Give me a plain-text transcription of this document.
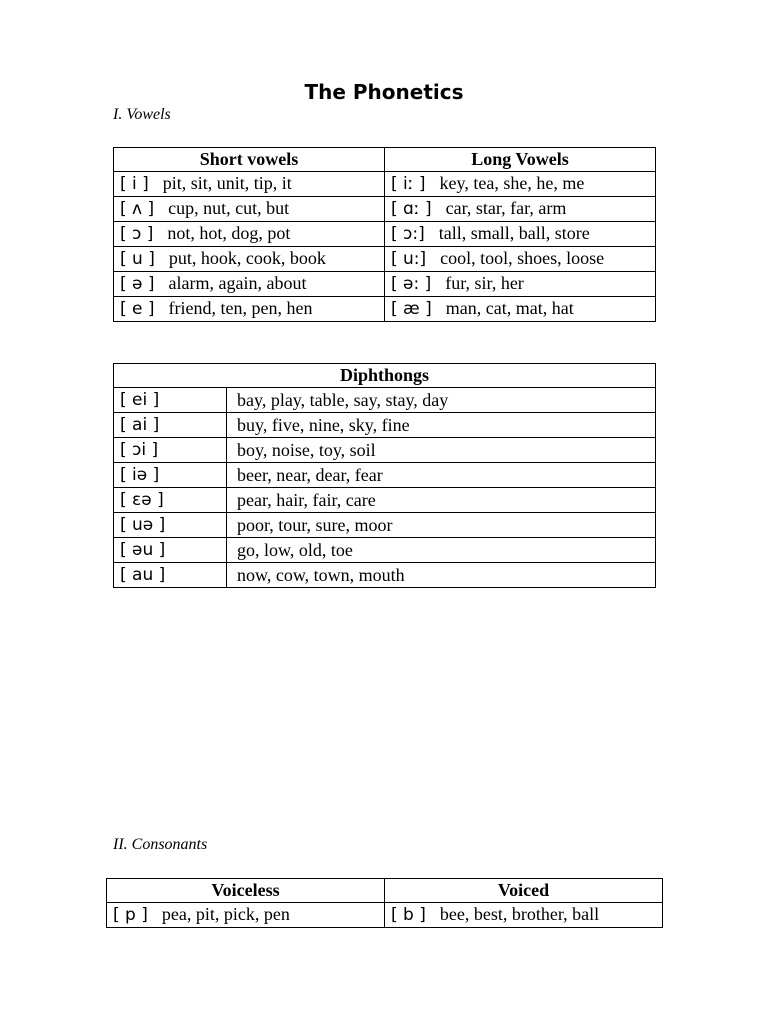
The Phonetics
I. Vowels
Short vowels	Long Vowels
[ i ] pit, sit, unit, tip, it	[ iː ] key, tea, she, he, me
[ ʌ ] cup, nut, cut, but	[ ɑː ] car, star, far, arm
[ ɔ ] not, hot, dog, pot	[ ɔ:] tall, small, ball, store
[ u ] put, hook, cook, book	[ u:] cool, tool, shoes, loose
[ ə ] alarm, again, about	[ ə: ] fur, sir, her
[ e ] friend, ten, pen, hen	[ æ ] man, cat, mat, hat
Diphthongs	
[ ei ]	bay, play, table, say, stay, day
[ ai ]	buy, five, nine, sky, fine
[ ɔi ]	boy, noise, toy, soil
[ iə ]	beer, near, dear, fear
[ εə ]	pear, hair, fair, care
[ uə ]	poor, tour, sure, moor
[ əu ]	go, low, old, toe
[ au ]	now, cow, town, mouth
II. Consonants
Voiceless	Voiced
[ p ] pea, pit, pick, pen	[ b ] bee, best, brother, ball
